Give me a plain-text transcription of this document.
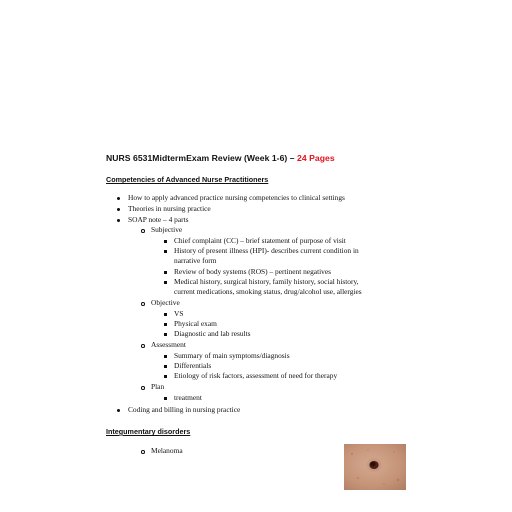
NURS 6531MidtermExam Review (Week 1-6) – 24 Pages
Competencies of Advanced Nurse Practitioners
How to apply advanced practice nursing competencies to clinical settings
Theories in nursing practice
SOAP note – 4 parts
Subjective
Chief complaint (CC) – brief statement of purpose of visit
History of present illness (HPI)- describes current condition in
narrative form
Review of body systems (ROS) – pertinent negatives
Medical history, surgical history, family history, social history,
current medications, smoking status, drug/alcohol use, allergies
Objective
VS
Physical exam
Diagnostic and lab results
Assessment
Summary of main symptoms/diagnosis
Differentials
Etiology of risk factors, assessment of need for therapy
Plan
treatment
Coding and billing in nursing practice
Integumentary disorders
Melanoma
